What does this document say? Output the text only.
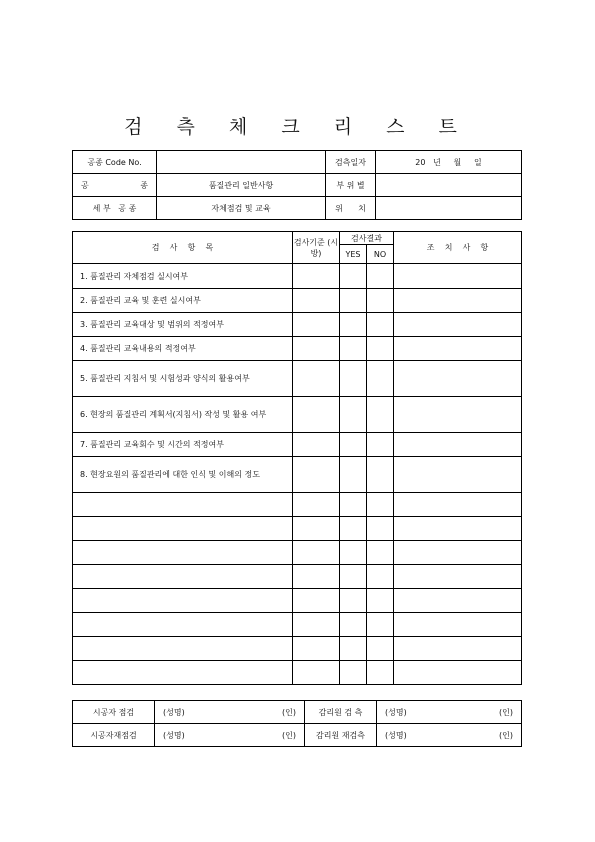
검 측 체 크 리 스 트
공종 Code No.		검측일자	20   년     월     일
공 종	품질관리 일반사항	부 위 별	
세 부   공 종	자체점검 및 교육	위      치	
검    사    항    목	검사기준 (시방)	검사결과		조    치    사    항
		YES	NO	
1. 품질관리 자체점검 실시여부				
2. 품질관리 교육 및 훈련 실시여부				
3. 품질관리 교육대상 및 범위의 적정여부				
4. 품질관리 교육내용의 적정여부				
5. 품질관리 지침서 및 시험성과 양식의 활용여부				
6. 현장의 품질관리 계획서(지침서) 작성 및 활용 여부				
7. 품질관리 교육회수 및 시간의 적정여부				
8. 현장요원의 품질관리에 대한 인식 및 이해의 정도				

시공자 점검	(성명) (인)	감리원 검 측	(성명) (인)

시공자재점검	(성명) (인)	감리원 재검측	(성명) (인)
